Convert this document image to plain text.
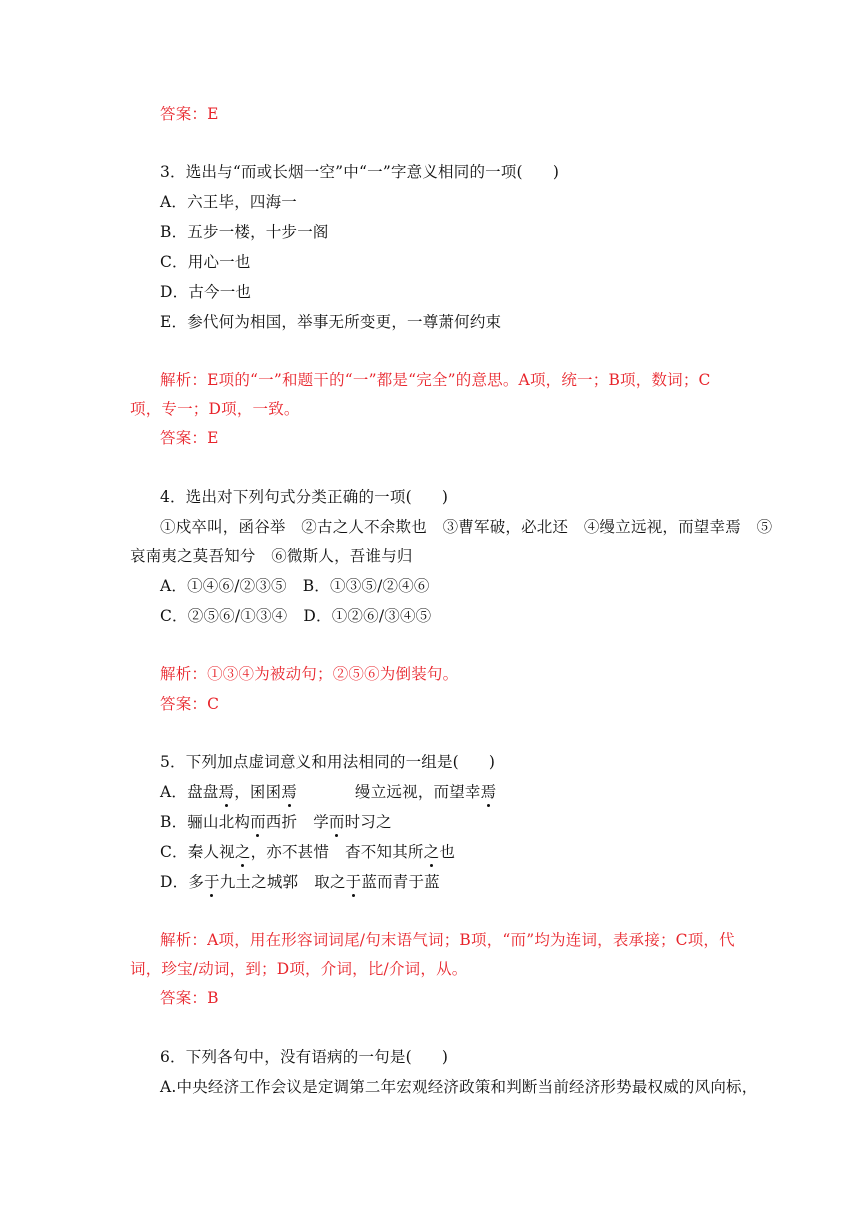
答案：E
3．选出与“而或长烟一空”中“一”字意义相同的一项( )
A．六王毕，四海一
B．五步一楼，十步一阁
C．用心一也
D．古今一也
E．参代何为相国，举事无所变更，一尊萧何约束
解析：E项的“一”和题干的“一”都是“完全”的意思。A项，统一；B项，数词；C
项，专一；D项，一致。
答案：E
4．选出对下列句式分类正确的一项( )
①戍卒叫，函谷举　②古之人不余欺也　③曹军破，必北还　④缦立远视，而望幸焉　⑤
哀南夷之莫吾知兮　⑥微斯人，吾谁与归
A．①④⑥/②③⑤ B．①③⑤/②④⑥
C．②⑤⑥/①③④ D．①②⑥/③④⑤
解析：①③④为被动句；②⑤⑥为倒装句。
答案：C
5．下列加点虚词意义和用法相同的一组是( )
A．盘盘焉，囷囷焉	缦立远视，而望幸焉
B．骊山北构而西折 学而时习之
C．秦人视之，亦不甚惜 杳不知其所之也
D．多于九土之城郭 取之于蓝而青于蓝
解析：A项，用在形容词词尾/句末语气词；B项，“而”均为连词，表承接；C项，代
词，珍宝/动词，到；D项，介词，比/介词，从。
答案：B
6．下列各句中，没有语病的一句是( )
A.中央经济工作会议是定调第二年宏观经济政策和判断当前经济形势最权威的风向标，
